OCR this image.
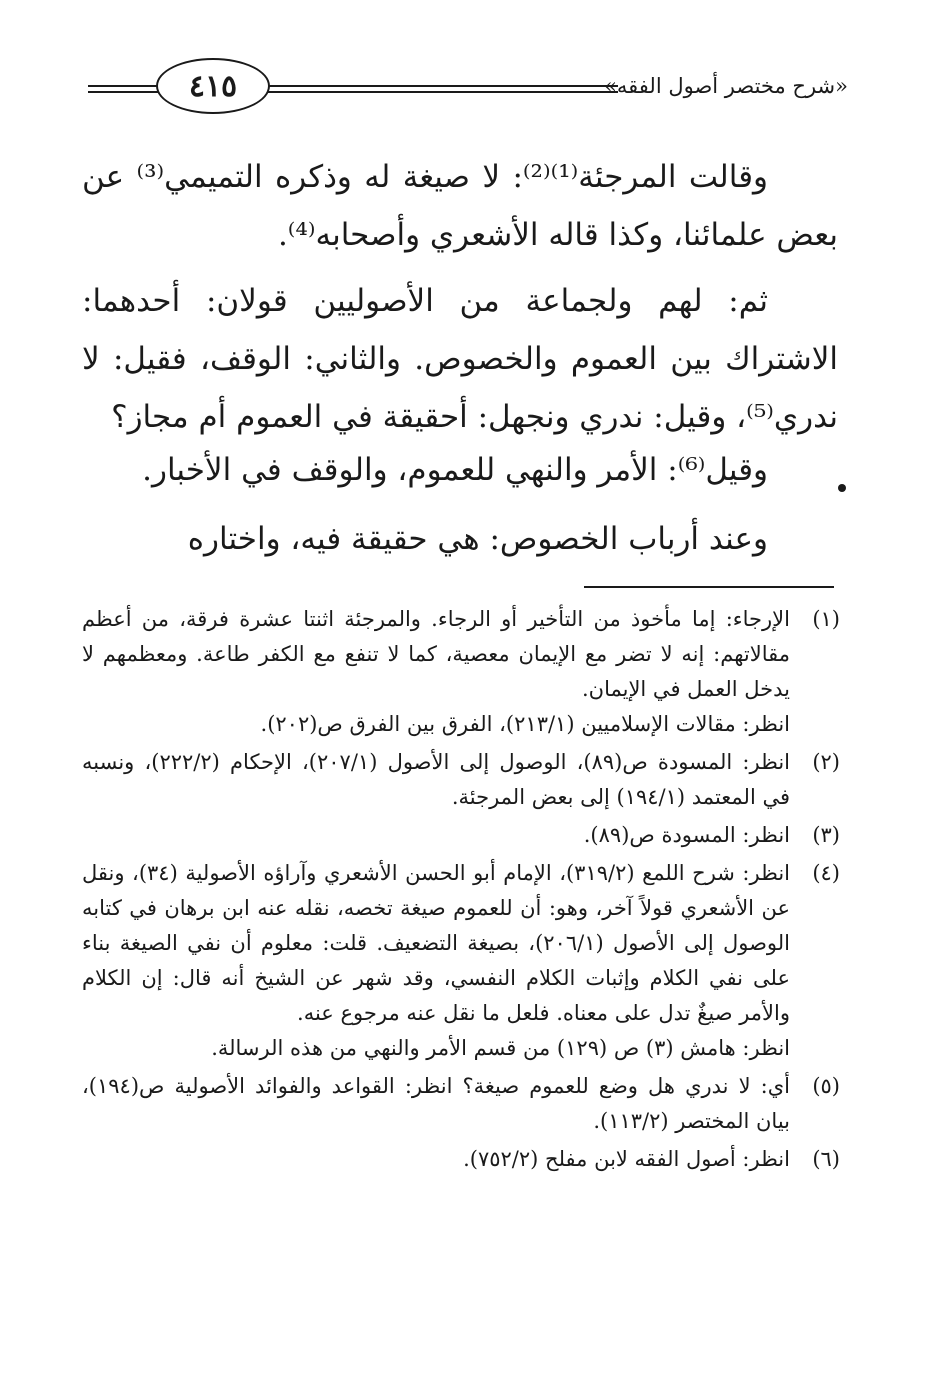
٤١٥	«شرح مختصر أصول الفقه»
وقالت المرجئة⁽¹⁾⁽²⁾: لا صيغة له وذكره التميمي⁽³⁾ عن بعض علمائنا، وكذا قاله الأشعري وأصحابه⁽⁴⁾.
ثم: لهم ولجماعة من الأصوليين قولان: أحدهما: الاشتراك بين العموم والخصوص. والثاني: الوقف، فقيل: لا ندري⁽⁵⁾، وقيل: ندري ونجهل: أحقيقة في العموم أم مجاز؟
وقيل⁽⁶⁾: الأمر والنهي للعموم، والوقف في الأخبار.
وعند أرباب الخصوص: هي حقيقة فيه، واختاره
(١)
الإرجاء: إما مأخوذ من التأخير أو الرجاء. والمرجئة اثنتا عشرة فرقة، من أعظم مقالاتهم: إنه لا تضر مع الإيمان معصية، كما لا تنفع مع الكفر طاعة. ومعظمهم لا يدخل العمل في الإيمان.
انظر: مقالات الإسلاميين (٢١٣/١)، الفرق بين الفرق ص(٢٠٢).
(٢)
انظر: المسودة ص(٨٩)، الوصول إلى الأصول (٢٠٧/١)، الإحكام (٢٢٢/٢)، ونسبه في المعتمد (١٩٤/١) إلى بعض المرجئة.
(٣)
انظر: المسودة ص(٨٩).
(٤)
انظر: شرح اللمع (٣١٩/٢)، الإمام أبو الحسن الأشعري وآراؤه الأصولية (٣٤)، ونقل عن الأشعري قولاً آخر، وهو: أن للعموم صيغة تخصه، نقله عنه ابن برهان في كتابه الوصول إلى الأصول (٢٠٦/١)، بصيغة التضعيف. قلت: معلوم أن نفي الصيغة بناء على نفي الكلام وإثبات الكلام النفسي، وقد شهر عن الشيخ أنه قال: إن الكلام والأمر صيغٌ تدل على معناه. فلعل ما نقل عنه مرجوع عنه.
انظر: هامش (٣) ص (١٢٩) من قسم الأمر والنهي من هذه الرسالة.
(٥)
أي: لا ندري هل وضع للعموم صيغة؟ انظر: القواعد والفوائد الأصولية ص(١٩٤)، بيان المختصر (١١٣/٢).
(٦)
انظر: أصول الفقه لابن مفلح (٧٥٢/٢).
